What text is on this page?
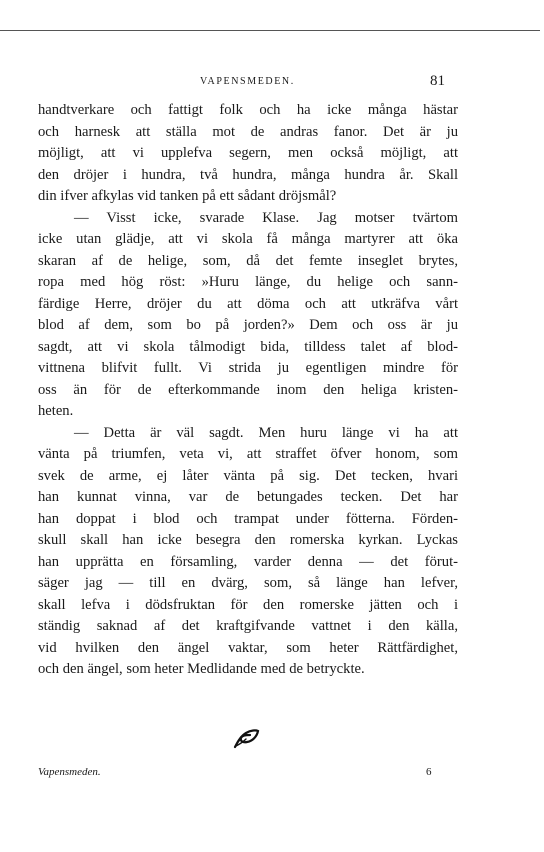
VAPENSMEDEN.	81
handtverkare och fattigt folk och ha icke många hästar
och harnesk att ställa mot de andras fanor. Det är ju
möjligt, att vi upplefva segern, men också möjligt, att
den dröjer i hundra, två hundra, många hundra år. Skall
din ifver afkylas vid tanken på ett sådant dröjsmål?
— Visst icke, svarade Klase. Jag motser tvärtom
icke utan glädje, att vi skola få många martyrer att öka
skaran af de helige, som, då det femte inseglet brytes,
ropa med hög röst: »Huru länge, du helige och sann-
färdige Herre, dröjer du att döma och att utkräfva vårt
blod af dem, som bo på jorden?» Dem och oss är ju
sagdt, att vi skola tålmodigt bida, tilldess talet af blod-
vittnena blifvit fullt. Vi strida ju egentligen mindre för
oss än för de efterkommande inom den heliga kristen-
heten.
— Detta är väl sagdt. Men huru länge vi ha att
vänta på triumfen, veta vi, att straffet öfver honom, som
svek de arme, ej låter vänta på sig. Det tecken, hvari
han kunnat vinna, var de betungades tecken. Det har
han doppat i blod och trampat under fötterna. Förden-
skull skall han icke besegra den romerska kyrkan. Lyckas
han upprätta en församling, varder denna — det förut-
säger jag — till en dvärg, som, så länge han lefver,
skall lefva i dödsfruktan för den romerske jätten och i
ständig saknad af det kraftgifvande vattnet i den källa,
vid hvilken den ängel vaktar, som heter Rättfärdighet,
och den ängel, som heter Medlidande med de betryckte.
Vapensmeden.	6
